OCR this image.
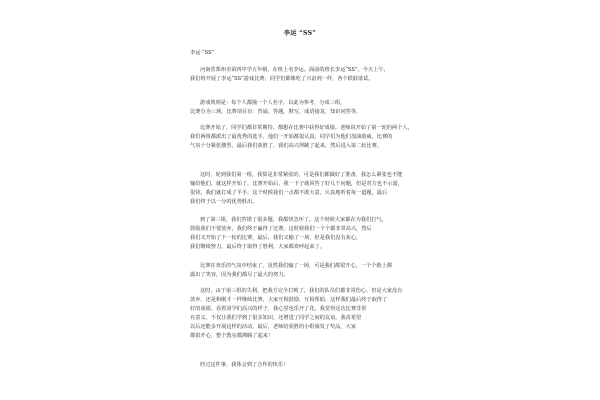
李运 “SS”
李运 “SS”
河南省郑州市第四中学五年级，在班上名李运。面前的班长李运“SS”，今天上午，
我们班开展了李运“SS”游戏比赛，同学们都像吃了兴奋剂一样，各个跃跃欲试。
游戏规则是：每个人都抽一个人名字，以此为参考，分成三组，
比赛分为三场，比赛项目有：背诵、答题、默写、成语接龙、知识问答等。
比赛开始了，同学们都非常期待，都想在比赛中获得好成绩。老师说开始了第一轮的两个人，
我们两组都派出了最优秀的选手，他们一开始都很认真，同学们为他们加油助威，比赛的
气氛十分紧张激烈，最后我们获胜了，我们高兴得跳了起来，然后进入第二轮比赛。
这时，轮到我们第一组，我算是非常紧张的，可是我们都做好了准备，我怎么紧张也不能
输给他们，就这样开始了，比赛开始后，我一下子就回答了好几个问题，但是对方也不示弱，
很快，我们就打成了平手。这个时候我们一点都不敢大意，认真地听着每一道题，最后
我们终于以一分的优势胜出。
到了第三组，我们答错了很多题，我都快急坏了。这个时候大家都在为我们打气，
鼓励我们不要放弃，我们终于赢得了比赛。这时候我们一个个都非常高兴，然后
我们又开始了下一轮的比赛，最后，我们又输了一场，但是我们没有灰心，
我们继续努力，最后终于取得了胜利，大家都欢呼起来了。
比赛在欢乐的气氛中结束了，虽然我们输了一场，可是我们都很开心，一个个脸上都
露出了笑容，因为我们都尽了最大的努力。
这时，由于第三组的失利，把我方完全打败了，我们的队员们都非常伤心。但是大家没有
放弃，还是和刚才一样继续比赛，大家互相鼓励，互相帮助，这样我们最后终于取得了
好的成绩。看着同学们高兴的样子，我心里也乐开了花，我觉得这次比赛非常
有意义，不仅让我们学到了很多知识，还增进了同学之间的友谊。我真希望
以后还能多开展这样的活动。最后，老师给获胜的小组颁发了奖品，大家
都很开心，整个教室都沸腾了起来！
经过这件事，我体会到了合作的快乐！
